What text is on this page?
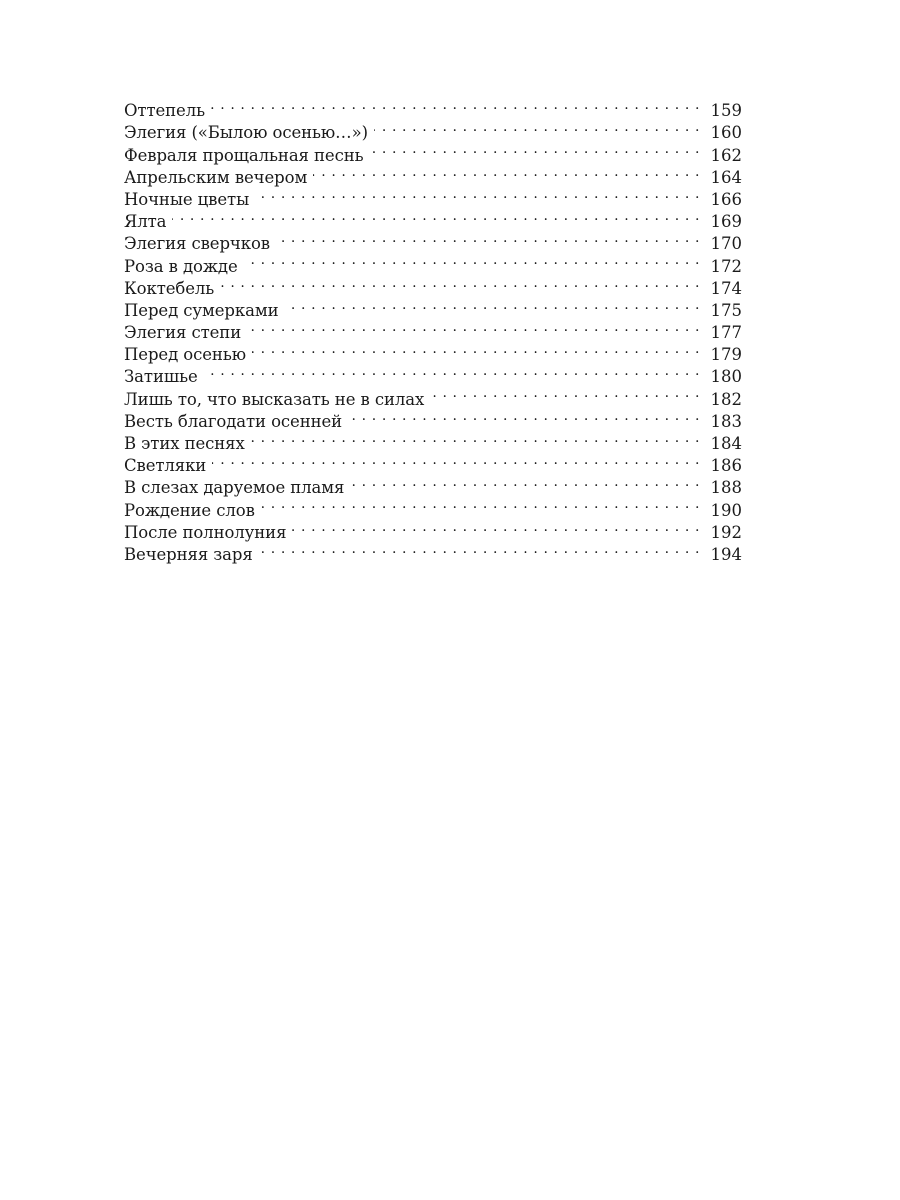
Оттепель . . .	159
Элегия («Былою осенью…») . . .	160
Февраля прощальная песнь . . .	162
Апрельским вечером . . .	164
Ночные цветы . . .	166
Ялта . . .	169
Элегия сверчков . . .	170
Роза в дожде . . .	172
Коктебель . . .	174
Перед сумерками . . .	175
Элегия степи . . .	177
Перед осенью . . .	179
Затишье . . .	180
Лишь то, что высказать не в силах . . .	182
Весть благодати осенней . . .	183
В этих песнях . . .	184
Светляки . . .	186
В слезах даруемое пламя . . .	188
Рождение слов . . .	190
После полнолуния . . .	192
Вечерняя заря . . .	194
